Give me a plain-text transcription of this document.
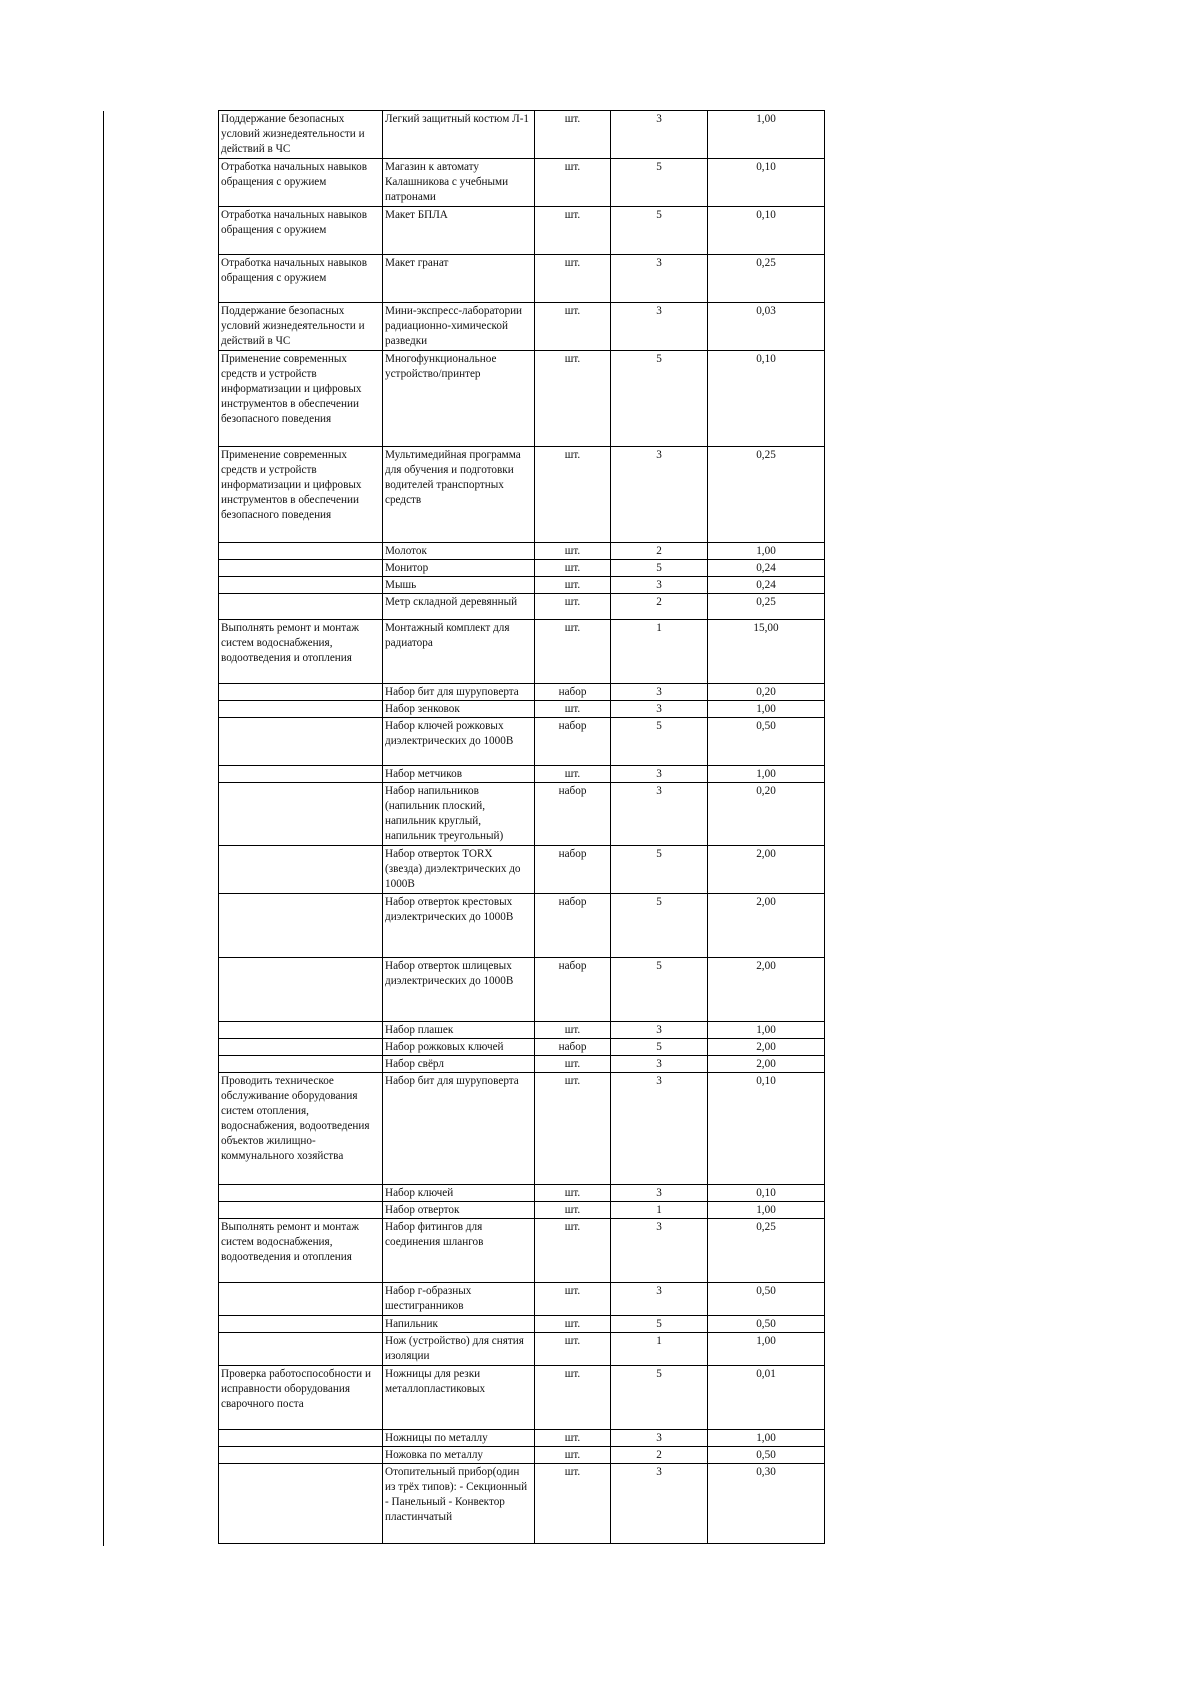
Поддержание безопасных условий жизнедеятельности и действий в ЧС	Легкий защитный костюм Л-1	шт.	3	1,00
Отработка начальных навыков обращения с оружием	Магазин к автомату Калашникова с учебными патронами	шт.	5	0,10
Отработка начальных навыков обращения с оружием	Макет БПЛА	шт.	5	0,10
Отработка начальных навыков обращения с оружием	Макет гранат	шт.	3	0,25
Поддержание безопасных условий жизнедеятельности и действий в ЧС	Мини-экспресс-лаборатории радиационно-химической разведки	шт.	3	0,03
Применение современных средств и устройств информатизации и цифровых инструментов в обеспечении безопасного поведения	Многофункциональное устройство/принтер	шт.	5	0,10
Применение современных средств и устройств информатизации и цифровых инструментов в обеспечении безопасного поведения	Мультимедийная программа для обучения и подготовки водителей транспортных средств	шт.	3	0,25
	Молоток	шт.	2	1,00
	Монитор	шт.	5	0,24
	Мышь	шт.	3	0,24
	Метр складной деревянный	шт.	2	0,25
Выполнять ремонт и монтаж систем водоснабжения, водоотведения и отопления	Монтажный комплект для радиатора	шт.	1	15,00
	Набор бит для шуруповерта	набор	3	0,20
	Набор зенковок	шт.	3	1,00
	Набор ключей рожковых диэлектрических до 1000В	набор	5	0,50
	Набор метчиков	шт.	3	1,00
	Набор напильников (напильник плоский, напильник круглый, напильник треугольный)	набор	3	0,20
	Набор отверток TORX (звезда) диэлектрических до 1000В	набор	5	2,00
	Набор отверток крестовых диэлектрических до 1000В	набор	5	2,00
	Набор отверток шлицевых диэлектрических до 1000В	набор	5	2,00
	Набор плашек	шт.	3	1,00
	Набор рожковых ключей	набор	5	2,00
	Набор свёрл	шт.	3	2,00
Проводить техническое обслуживание оборудования систем отопления, водоснабжения, водоотведения объектов жилищно-коммунального хозяйства	Набор бит для шуруповерта	шт.	3	0,10
	Набор ключей	шт.	3	0,10
	Набор отверток	шт.	1	1,00
Выполнять ремонт и монтаж систем водоснабжения, водоотведения и отопления	Набор фитингов для соединения шлангов	шт.	3	0,25
	Набор г-образных шестигранников	шт.	3	0,50
	Напильник	шт.	5	0,50
	Нож (устройство) для снятия изоляции	шт.	1	1,00
Проверка работоспособности и исправности оборудования сварочного поста	Ножницы для резки металлопластиковых	шт.	5	0,01
	Ножницы по металлу	шт.	3	1,00
	Ножовка по металлу	шт.	2	0,50
	Отопительный прибор(один из трёх типов): - Секционный - Панельный - Конвектор пластинчатый	шт.	3	0,30
